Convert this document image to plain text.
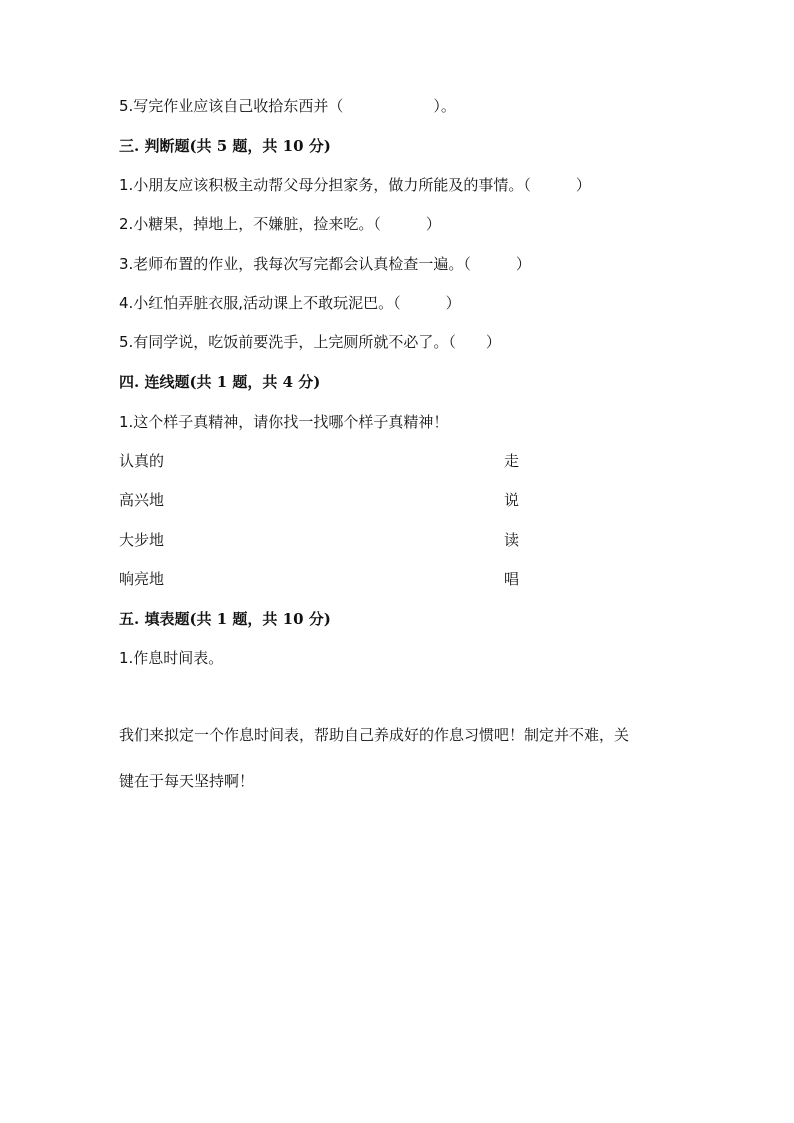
5.写完作业应该自己收拾东西并（　　　　　　）。
三. 判断题(共 5 题，共 10 分)
1.小朋友应该积极主动帮父母分担家务，做力所能及的事情。（　　　）
2.小糖果，掉地上，不嫌脏，捡来吃。（　　　）
3.老师布置的作业，我每次写完都会认真检查一遍。（　　　）
4.小红怕弄脏衣服,活动课上不敢玩泥巴。（　　　）
5.有同学说，吃饭前要洗手，上完厕所就不必了。（　　）
四. 连线题(共 1 题，共 4 分)
1.这个样子真精神，请你找一找哪个样子真精神！
认真的	走
高兴地	说
大步地	读
响亮地	唱
五. 填表题(共 1 题，共 10 分)
1.作息时间表。
我们来拟定一个作息时间表，帮助自己养成好的作息习惯吧！制定并不难，关
键在于每天坚持啊！
